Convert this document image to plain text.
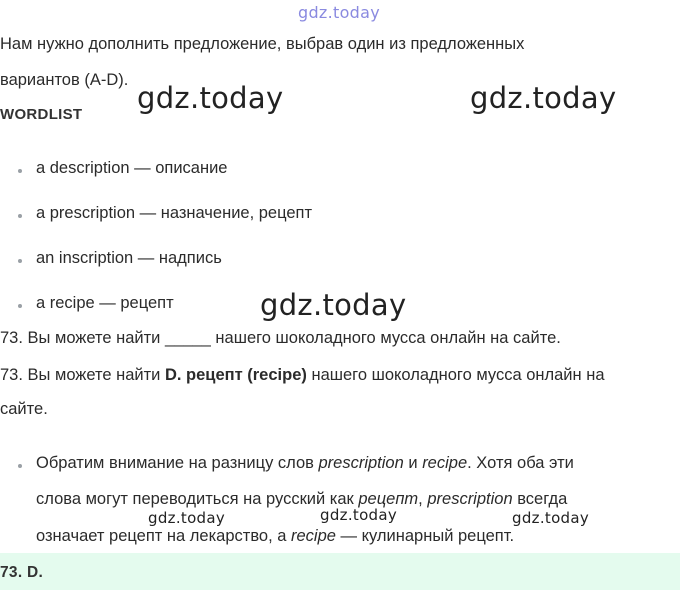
gdz.today
gdz.today	gdz.today
gdz.today
gdz.today	gdz.today	gdz.today
Нам нужно дополнить предложение, выбрав один из предложенных
вариантов (A-D).
WORDLIST
a description — описание
a prescription — назначение, рецепт
an inscription — надпись
a recipe — рецепт
73. Вы можете найти _____ нашего шоколадного мусса онлайн на сайте.
73. Вы можете найти D. рецепт (recipe) нашего шоколадного мусса онлайн на
сайте.
Обратим внимание на разницу слов prescription и recipe. Хотя оба эти
слова могут переводиться на русский как рецепт, prescription всегда
означает рецепт на лекарство, а recipe — кулинарный рецепт.
73. D.
